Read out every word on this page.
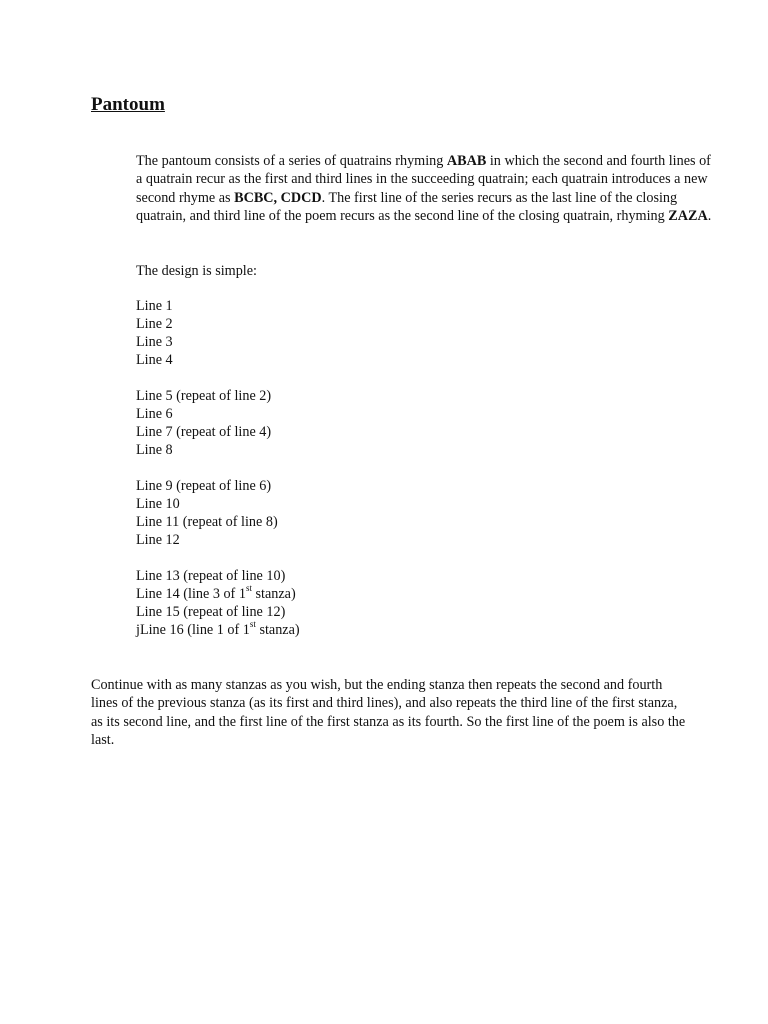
Pantoum

The pantoum consists of a series of quatrains rhyming ABAB in which the second and fourth lines of a quatrain recur as the first and third lines in the succeeding quatrain; each quatrain introduces a new second rhyme as BCBC, CDCD. The first line of the series recurs as the last line of the closing quatrain, and third line of the poem recurs as the second line of the closing quatrain, rhyming ZAZA.

The design is simple:

Line 1
Line 2
Line 3
Line 4
Line 5 (repeat of line 2)
Line 6
Line 7 (repeat of line 4)
Line 8
Line 9 (repeat of line 6)
Line 10
Line 11 (repeat of line 8)
Line 12
Line 13 (repeat of line 10)
Line 14 (line 3 of 1st stanza)
Line 15 (repeat of line 12)
jLine 16 (line 1 of 1st stanza)

Continue with as many stanzas as you wish, but the ending stanza then repeats the second and fourth lines of the previous stanza (as its first and third lines), and also repeats the third line of the first stanza, as its second line, and the first line of the first stanza as its fourth. So the first line of the poem is also the last.
